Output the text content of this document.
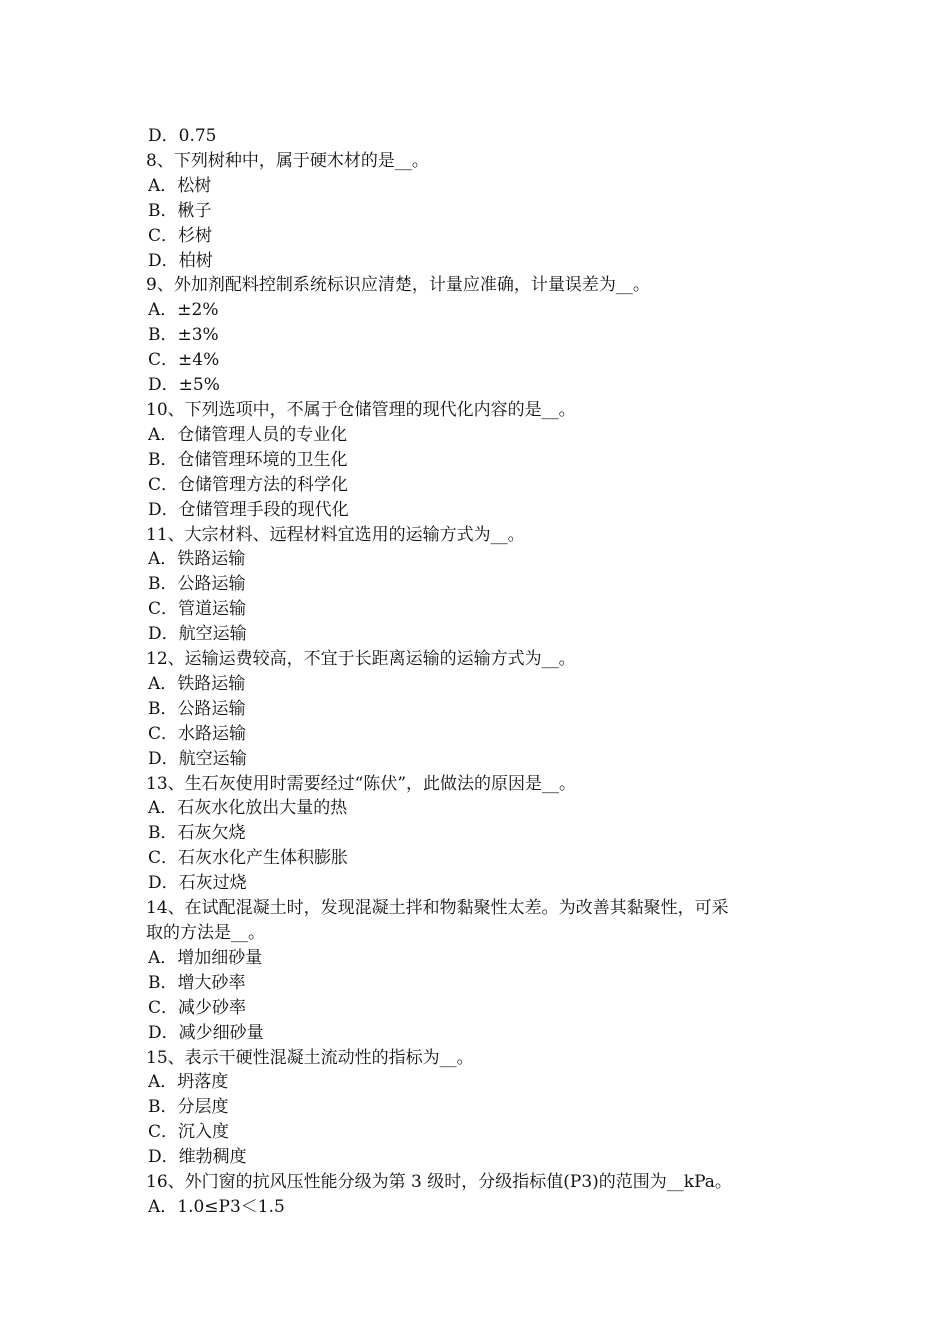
D．0.75
8、下列树种中，属于硬木材的是__。
A．松树
B．楸子
C．杉树
D．柏树
9、外加剂配料控制系统标识应清楚，计量应准确，计量误差为__。
A．±2%
B．±3%
C．±4%
D．±5%
10、下列选项中，不属于仓储管理的现代化内容的是__。
A．仓储管理人员的专业化
B．仓储管理环境的卫生化
C．仓储管理方法的科学化
D．仓储管理手段的现代化
11、大宗材料、远程材料宜选用的运输方式为__。
A．铁路运输
B．公路运输
C．管道运输
D．航空运输
12、运输运费较高，不宜于长距离运输的运输方式为__。
A．铁路运输
B．公路运输
C．水路运输
D．航空运输
13、生石灰使用时需要经过“陈伏”，此做法的原因是__。
A．石灰水化放出大量的热
B．石灰欠烧
C．石灰水化产生体积膨胀
D．石灰过烧
14、在试配混凝土时，发现混凝土拌和物黏聚性太差。为改善其黏聚性，可采
取的方法是__。
A．增加细砂量
B．增大砂率
C．减少砂率
D．减少细砂量
15、表示干硬性混凝土流动性的指标为__。
A．坍落度
B．分层度
C．沉入度
D．维勃稠度
16、外门窗的抗风压性能分级为第 3 级时，分级指标值(P3)的范围为__kPa。
A．1.0≤P3＜1.5
